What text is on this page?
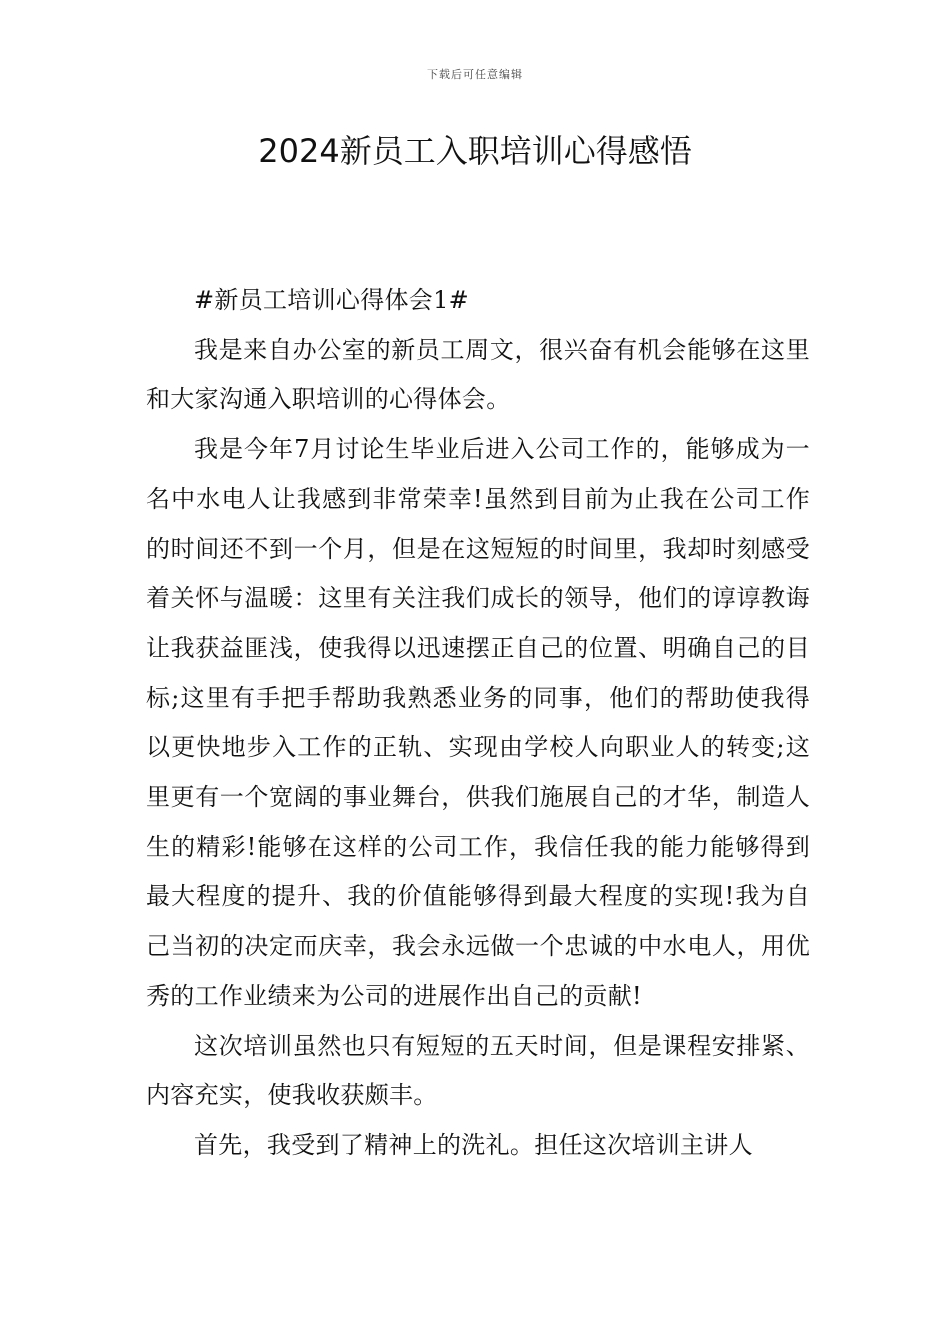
下载后可任意编辑
2024新员工入职培训心得感悟

#新员工培训心得体会1#

我是来自办公室的新员工周文，很兴奋有机会能够在这里和大家沟通入职培训的心得体会。

我是今年7月讨论生毕业后进入公司工作的，能够成为一名中水电人让我感到非常荣幸!虽然到目前为止我在公司工作的时间还不到一个月，但是在这短短的时间里，我却时刻感受着关怀与温暖：这里有关注我们成长的领导，他们的谆谆教诲让我获益匪浅，使我得以迅速摆正自己的位置、明确自己的目标;这里有手把手帮助我熟悉业务的同事，他们的帮助使我得以更快地步入工作的正轨、实现由学校人向职业人的转变;这里更有一个宽阔的事业舞台，供我们施展自己的才华，制造人生的精彩!能够在这样的公司工作，我信任我的能力能够得到最大程度的提升、我的价值能够得到最大程度的实现!我为自己当初的决定而庆幸，我会永远做一个忠诚的中水电人，用优秀的工作业绩来为公司的进展作出自己的贡献!

这次培训虽然也只有短短的五天时间，但是课程安排紧、内容充实，使我收获颇丰。

首先，我受到了精神上的洗礼。担任这次培训主讲人
